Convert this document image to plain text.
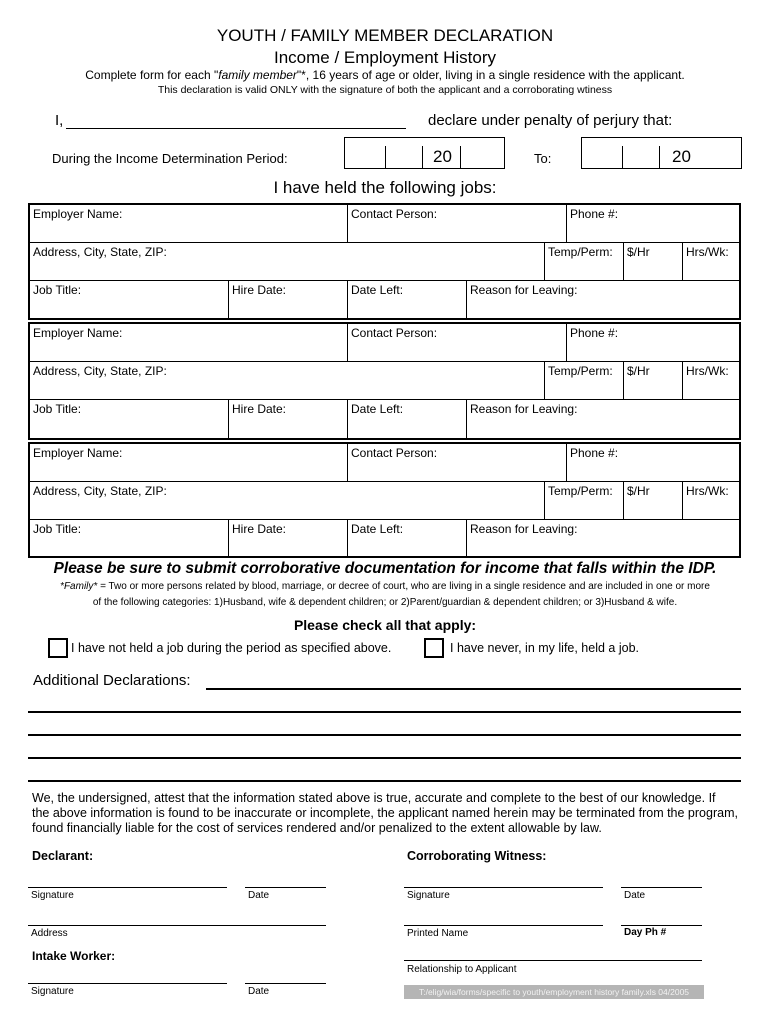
YOUTH / FAMILY MEMBER DECLARATION
Income / Employment History
Complete form for each "family member"*, 16 years of age or older, living in a single residence with the applicant.
This declaration is valid ONLY with the signature of both the applicant and a corroborating wtiness
I,	declare under penalty of perjury that:
During the Income Determination Period:	20	To:	20
I have held the following jobs:
Employer Name:	Contact Person:	Phone #:
Address, City, State, ZIP:	Temp/Perm:	$/Hr	Hrs/Wk:
Job Title:	Hire Date:	Date Left:	Reason for Leaving:
Employer Name:	Contact Person:	Phone #:
Address, City, State, ZIP:	Temp/Perm:	$/Hr	Hrs/Wk:
Job Title:	Hire Date:	Date Left:	Reason for Leaving:
Employer Name:	Contact Person:	Phone #:
Address, City, State, ZIP:	Temp/Perm:	$/Hr	Hrs/Wk:
Job Title:	Hire Date:	Date Left:	Reason for Leaving:
Please be sure to submit corroborative documentation for income that falls within the IDP.
*Family* = Two or more persons related by blood, marriage, or decree of court, who are living in a single residence and are included in one or more
of the following categories: 1)Husband, wife & dependent children; or 2)Parent/guardian & dependent children; or 3)Husband & wife.
Please check all that apply:
I have not held a job during the period as specified above.	I have never, in my life, held a job.
Additional Declarations:
We, the undersigned, attest that the information stated above is true, accurate and complete to the best of our knowledge. If
the above information is found to be inaccurate or incomplete, the applicant named herein may be terminated from the program,
found financially liable for the cost of services rendered and/or penalized to the extent allowable by law.
Declarant:	Corroborating Witness:
Signature	Date	Signature	Date
Address	Printed Name	Day Ph #
Intake Worker:
Relationship to Applicant
Signature	Date	T:/elig/wia/forms/specific to youth/employment history family.xls 04/2005
